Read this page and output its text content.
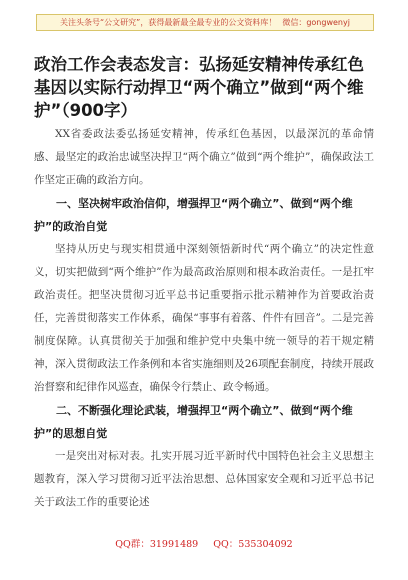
关注头条号“公文研究”，获得最新最全最专业的公文资料库！ 微信：gongwenyj
政治工作会表态发言：弘扬延安精神传承红色基因以实际行动捍卫“两个确立”做到“两个维护”（900字）

XX省委政法委弘扬延安精神，传承红色基因，以最深沉的革命情感、最坚定的政治忠诚坚决捍卫“两个确立”做到“两个维护”，确保政法工作坚定正确的政治方向。

一、坚决树牢政治信仰，增强捍卫“两个确立”、做到“两个维护”的政治自觉

坚持从历史与现实相贯通中深刻领悟新时代“两个确立”的决定性意义，切实把做到“两个维护”作为最高政治原则和根本政治责任。一是扛牢政治责任。把坚决贯彻习近平总书记重要指示批示精神作为首要政治责任，完善贯彻落实工作体系，确保“事事有着落、件件有回音”。二是完善制度保障。认真贯彻关于加强和维护党中央集中统一领导的若干规定精神，深入贯彻政法工作条例和本省实施细则及26项配套制度，持续开展政治督察和纪律作风巡查，确保令行禁止、政令畅通。

二、不断强化理论武装，增强捍卫“两个确立”、做到“两个维护”的思想自觉

一是突出对标对表。扎实开展习近平新时代中国特色社会主义思想主题教育，深入学习贯彻习近平法治思想、总体国家安全观和习近平总书记关于政法工作的重要论述

QQ群：31991489 QQ：535304092
